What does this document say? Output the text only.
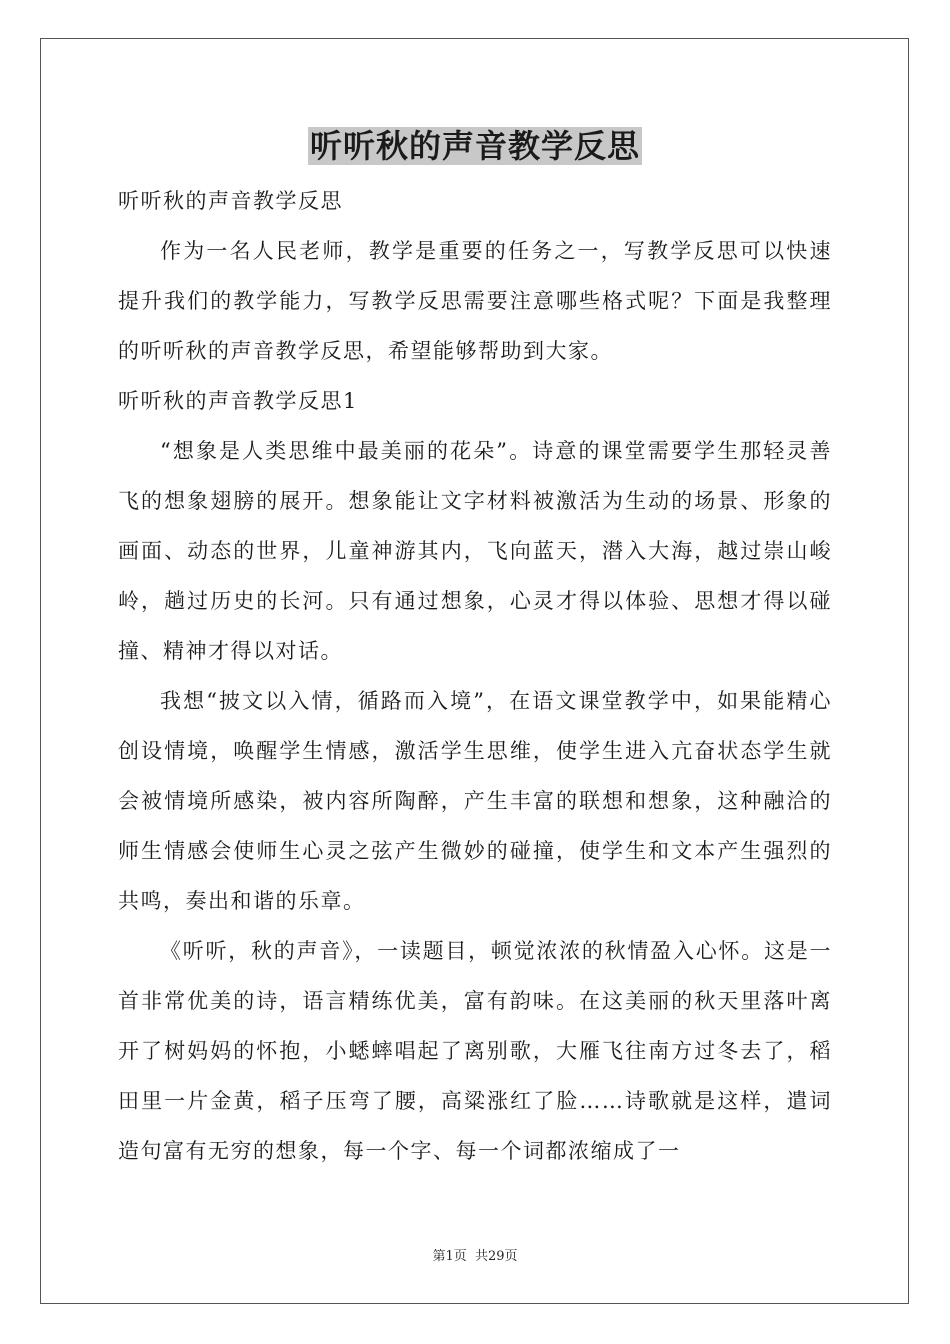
听听秋的声音教学反思

听听秋的声音教学反思

作为一名人民老师，教学是重要的任务之一，写教学反思可以快速提升我们的教学能力，写教学反思需要注意哪些格式呢？下面是我整理的听听秋的声音教学反思，希望能够帮助到大家。

听听秋的声音教学反思1

“想象是人类思维中最美丽的花朵”。诗意的课堂需要学生那轻灵善飞的想象翅膀的展开。想象能让文字材料被激活为生动的场景、形象的画面、动态的世界，儿童神游其内，飞向蓝天，潜入大海，越过崇山峻岭，趟过历史的长河。只有通过想象，心灵才得以体验、思想才得以碰撞、精神才得以对话。

我想“披文以入情，循路而入境”，在语文课堂教学中，如果能精心创设情境，唤醒学生情感，激活学生思维，使学生进入亢奋状态学生就会被情境所感染，被内容所陶醉，产生丰富的联想和想象，这种融洽的师生情感会使师生心灵之弦产生微妙的碰撞，使学生和文本产生强烈的共鸣，奏出和谐的乐章。

《听听，秋的声音》，一读题目，顿觉浓浓的秋情盈入心怀。这是一首非常优美的诗，语言精练优美，富有韵味。在这美丽的秋天里落叶离开了树妈妈的怀抱，小蟋蟀唱起了离别歌，大雁飞往南方过冬去了，稻田里一片金黄，稻子压弯了腰，高粱涨红了脸……诗歌就是这样，遣词造句富有无穷的想象，每一个字、每一个词都浓缩成了一

第1页 共29页
